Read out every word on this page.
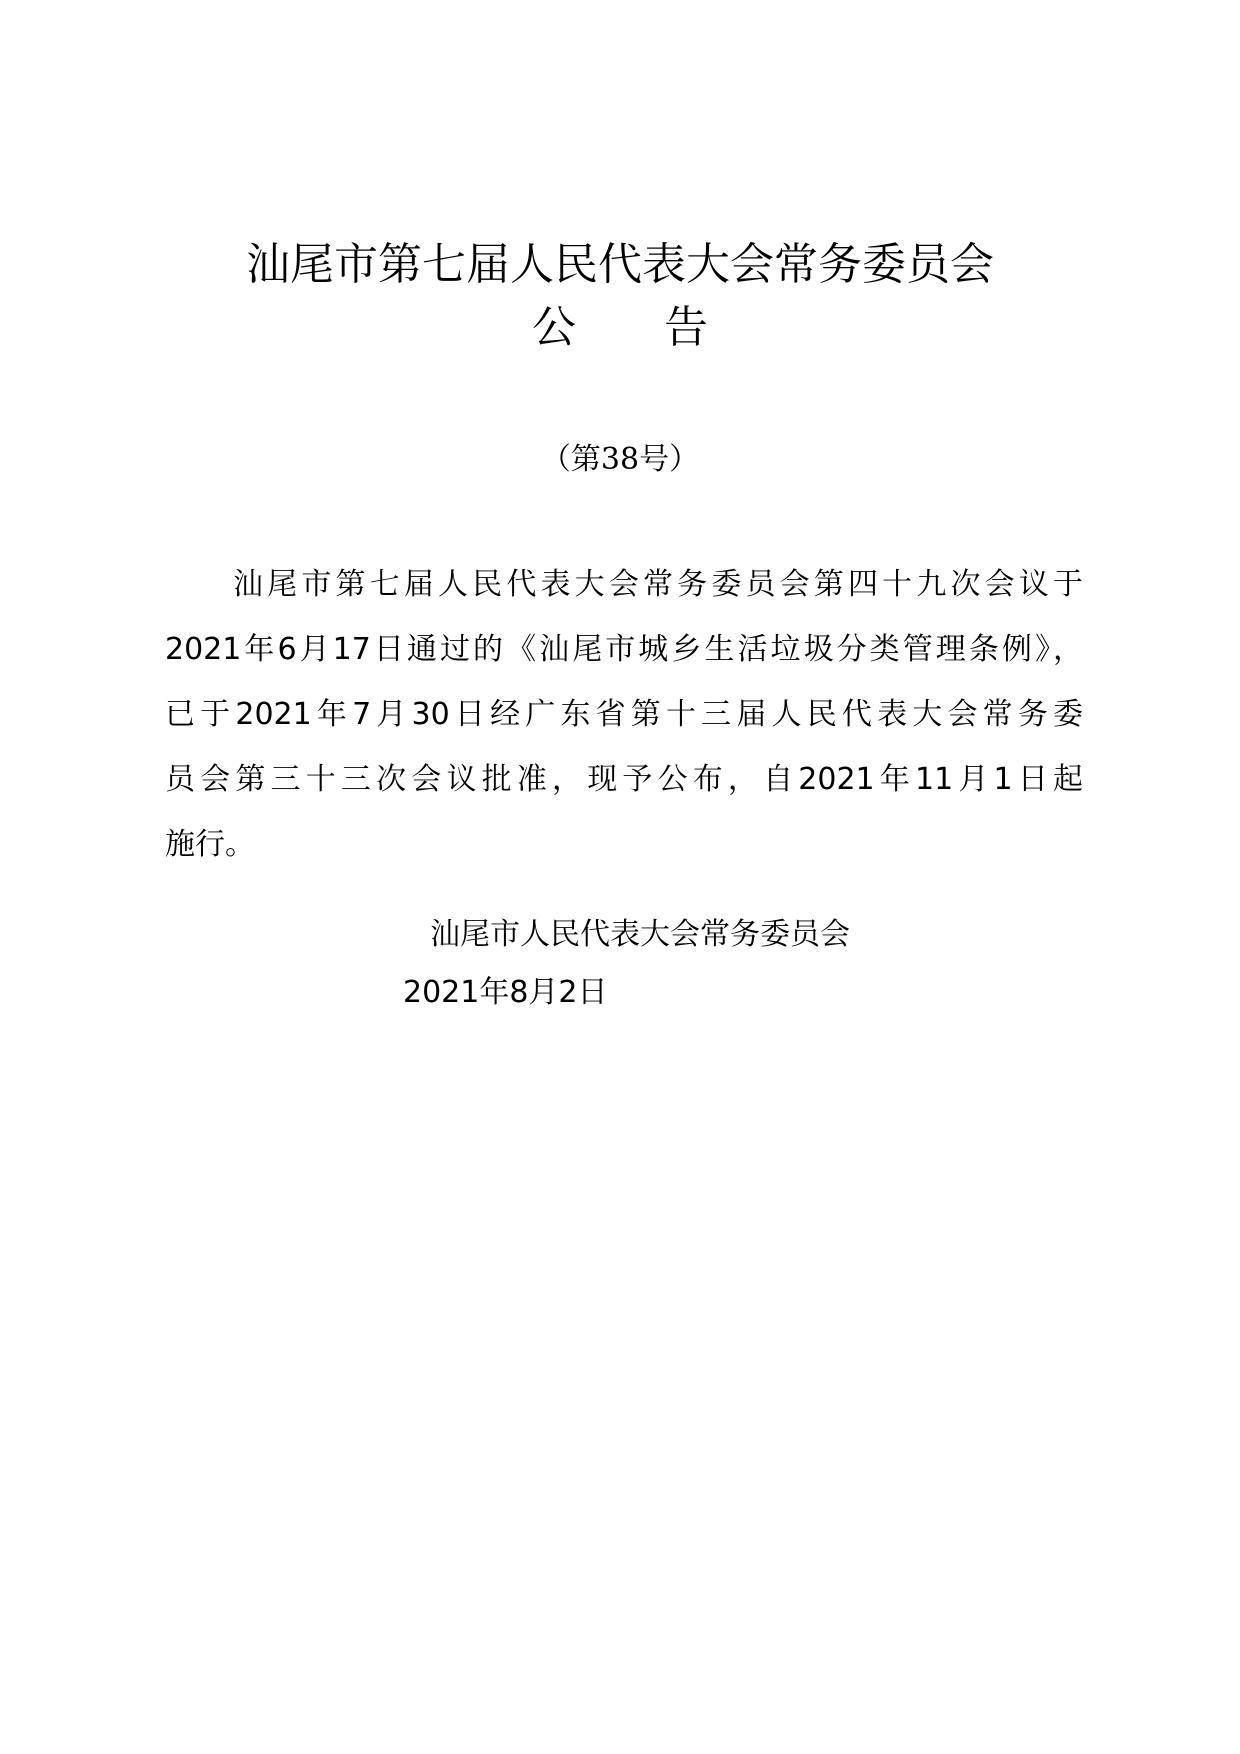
汕尾市第七届人民代表大会常务委员会
公　　告
（第38号）
汕尾市第七届人民代表大会常务委员会第四十九次会议于
2021年6月17日通过的《汕尾市城乡生活垃圾分类管理条例》，
已于2021年7月30日经广东省第十三届人民代表大会常务委
员会第三十三次会议批准，现予公布，自2021年11月1日起
施行。
汕尾市人民代表大会常务委员会
2021年8月2日
